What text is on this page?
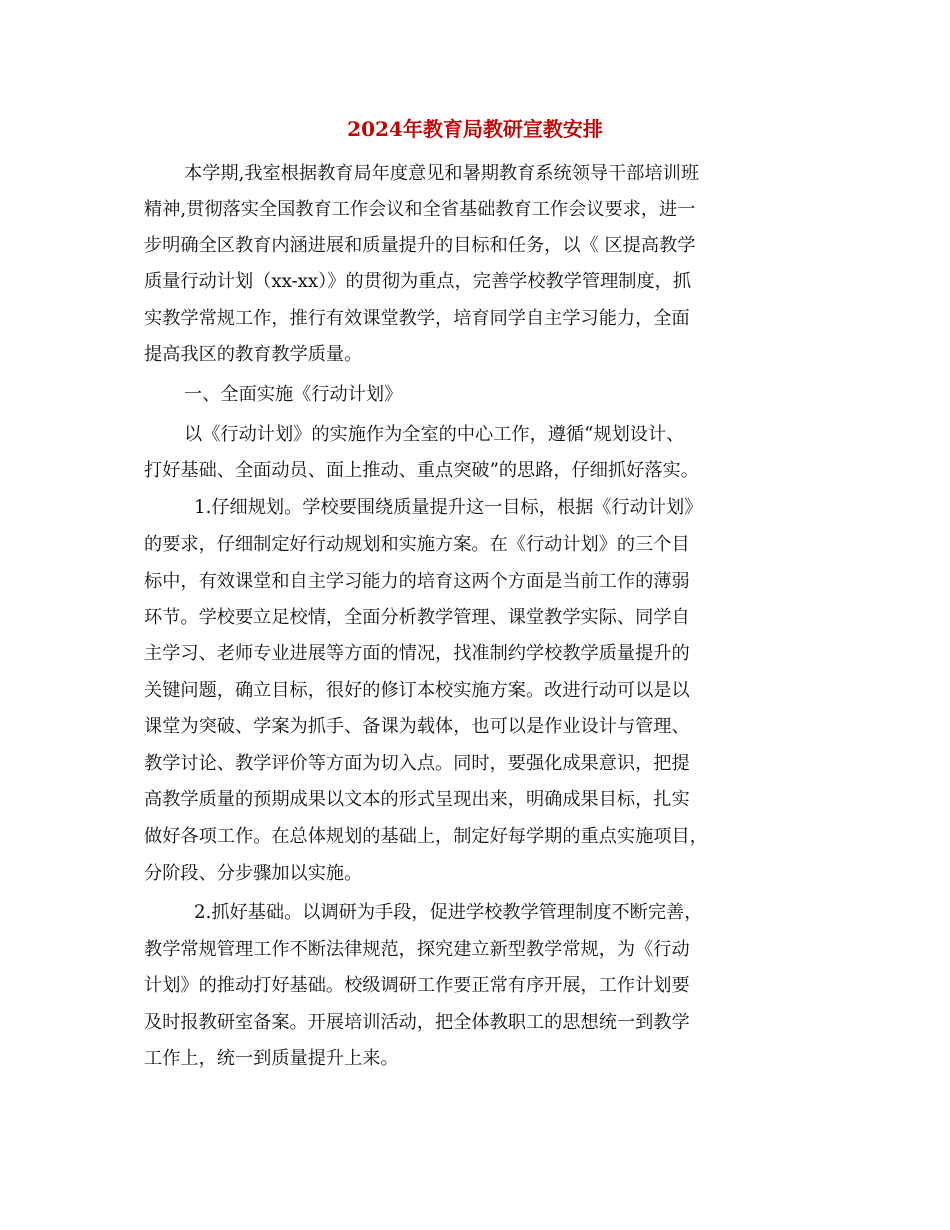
2024年教育局教研宣教安排
本学期,我室根据教育局年度意见和暑期教育系统领导干部培训班
精神,贯彻落实全国教育工作会议和全省基础教育工作会议要求，进一
步明确全区教育内涵进展和质量提升的目标和任务，以《 区提高教学
质量行动计划（xx-xx）》的贯彻为重点，完善学校教学管理制度，抓
实教学常规工作，推行有效课堂教学，培育同学自主学习能力，全面
提高我区的教育教学质量。
一、全面实施《行动计划》
以《行动计划》的实施作为全室的中心工作，遵循“规划设计、
打好基础、全面动员、面上推动、重点突破”的思路，仔细抓好落实。
1.仔细规划。学校要围绕质量提升这一目标，根据《行动计划》
的要求，仔细制定好行动规划和实施方案。在《行动计划》的三个目
标中，有效课堂和自主学习能力的培育这两个方面是当前工作的薄弱
环节。学校要立足校情，全面分析教学管理、课堂教学实际、同学自
主学习、老师专业进展等方面的情况，找准制约学校教学质量提升的
关键问题，确立目标，很好的修订本校实施方案。改进行动可以是以
课堂为突破、学案为抓手、备课为载体，也可以是作业设计与管理、
教学讨论、教学评价等方面为切入点。同时，要强化成果意识，把提
高教学质量的预期成果以文本的形式呈现出来，明确成果目标，扎实
做好各项工作。在总体规划的基础上，制定好每学期的重点实施项目，
分阶段、分步骤加以实施。
2.抓好基础。以调研为手段，促进学校教学管理制度不断完善，
教学常规管理工作不断法律规范，探究建立新型教学常规，为《行动
计划》的推动打好基础。校级调研工作要正常有序开展，工作计划要
及时报教研室备案。开展培训活动，把全体教职工的思想统一到教学
工作上，统一到质量提升上来。
